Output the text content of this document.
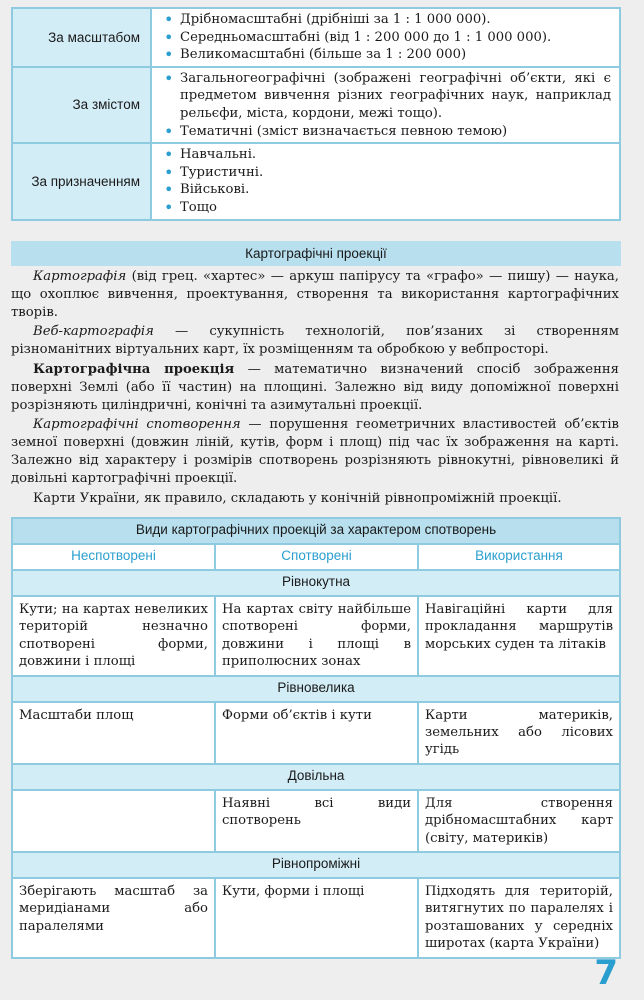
За масштабом	• Дрібномасштабні (дрібніші за 1 : 1 000 000).
• Середньомасштабні (від 1 : 200 000 до 1 : 1 000 000).
• Великомасштабні (більше за 1 : 200 000)

За змістом	• Загальногеографічні (зображені географічні об’єкти, які є предметом вивчення різних географічних наук, наприклад рельєфи, міста, кордони, межі тощо).
• Тематичні (зміст визначається певною темою)

За призначенням	• Навчальні.
• Туристичні.
• Військові.
• Тощо
Картографічні проекції

Картографія (від грец. «хартес» — аркуш папірусу та «графо» — пишу) — наука, що охоплює вивчення, проектування, створення та використання картографічних творів.

Веб-картографія — сукупність технологій, пов’язаних зі створенням різноманітних віртуальних карт, їх розміщенням та обробкою у вебпросторі.

Картографічна проекція — математично визначений спосіб зображення поверхні Землі (або її частин) на площині. Залежно від виду допоміжної поверхні розрізняють циліндричні, конічні та азимутальні проекції.

Картографічні спотворення — порушення геометричних властивостей об’єктів земної поверхні (довжин ліній, кутів, форм і площ) під час їх зображення на карті. Залежно від характеру і розмірів спотворень розрізняють рівнокутні, рівновеликі й довільні картографічні проекції.

Карти України, як правило, складають у конічній рівнопроміжній проекції.

Види картографічних проекцій за характером спотворень		
Неспотворені	Спотворені	Використання
Рівнокутна		
Кути; на картах невеликих територій незначно спотворені форми, довжини і площі	На картах світу найбільше спотворені форми, довжини і площі в приполюсних зонах	Навігаційні карти для прокладання маршрутів морських суден та літаків
Рівновелика		
Масштаби площ	Форми об’єктів і кути	Карти материків, земельних або лісових угідь
Довільна		
	Наявні всі види спотворень	Для створення дрібномасштабних карт (світу, материків)
Рівнопроміжні		
Зберігають масштаб за меридіанами або паралелями	Кути, форми і площі	Підходять для територій, витягнутих по паралелях і розташованих у середніх широтах (карта України)
7
